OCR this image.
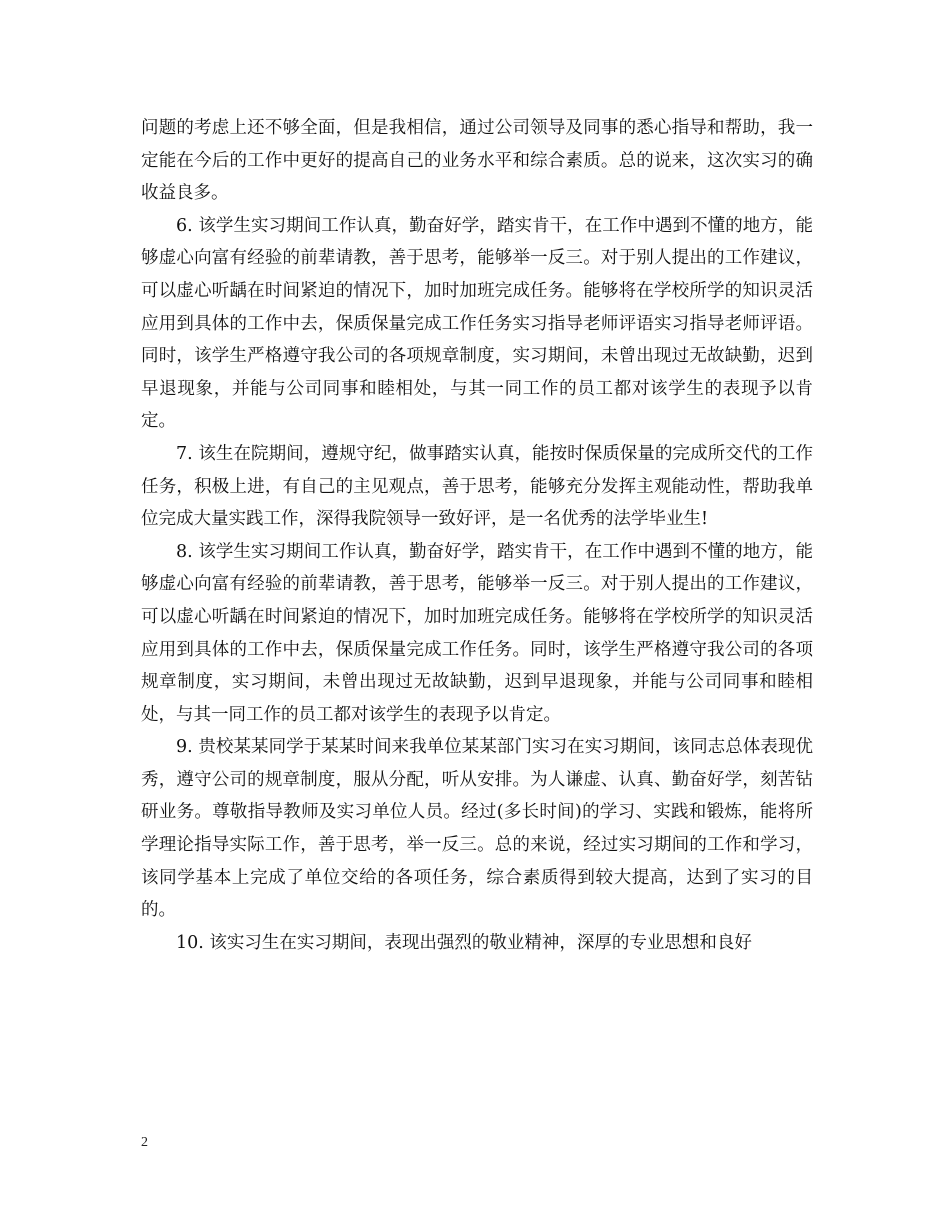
问题的考虑上还不够全面，但是我相信，通过公司领导及同事的悉心指导和帮助，我一定能在今后的工作中更好的提高自己的业务水平和综合素质。总的说来，这次实习的确收益良多。

6. 该学生实习期间工作认真，勤奋好学，踏实肯干，在工作中遇到不懂的地方，能够虚心向富有经验的前辈请教，善于思考，能够举一反三。对于别人提出的工作建议，可以虚心听龋在时间紧迫的情况下，加时加班完成任务。能够将在学校所学的知识灵活应用到具体的工作中去，保质保量完成工作任务实习指导老师评语实习指导老师评语。同时，该学生严格遵守我公司的各项规章制度，实习期间，未曾出现过无故缺勤，迟到早退现象，并能与公司同事和睦相处，与其一同工作的员工都对该学生的表现予以肯定。

7. 该生在院期间，遵规守纪，做事踏实认真，能按时保质保量的完成所交代的工作任务，积极上进，有自己的主见观点，善于思考，能够充分发挥主观能动性，帮助我单位完成大量实践工作，深得我院领导一致好评，是一名优秀的法学毕业生!

8. 该学生实习期间工作认真，勤奋好学，踏实肯干，在工作中遇到不懂的地方，能够虚心向富有经验的前辈请教，善于思考，能够举一反三。对于别人提出的工作建议，可以虚心听龋在时间紧迫的情况下，加时加班完成任务。能够将在学校所学的知识灵活应用到具体的工作中去，保质保量完成工作任务。同时，该学生严格遵守我公司的各项规章制度，实习期间，未曾出现过无故缺勤，迟到早退现象，并能与公司同事和睦相处，与其一同工作的员工都对该学生的表现予以肯定。

9. 贵校某某同学于某某时间来我单位某某部门实习在实习期间，该同志总体表现优秀，遵守公司的规章制度，服从分配，听从安排。为人谦虚、认真、勤奋好学，刻苦钻研业务。尊敬指导教师及实习单位人员。经过(多长时间)的学习、实践和锻炼，能将所学理论指导实际工作，善于思考，举一反三。总的来说，经过实习期间的工作和学习，该同学基本上完成了单位交给的各项任务，综合素质得到较大提高，达到了实习的目的。

10. 该实习生在实习期间，表现出强烈的敬业精神，深厚的专业思想和良好

2
